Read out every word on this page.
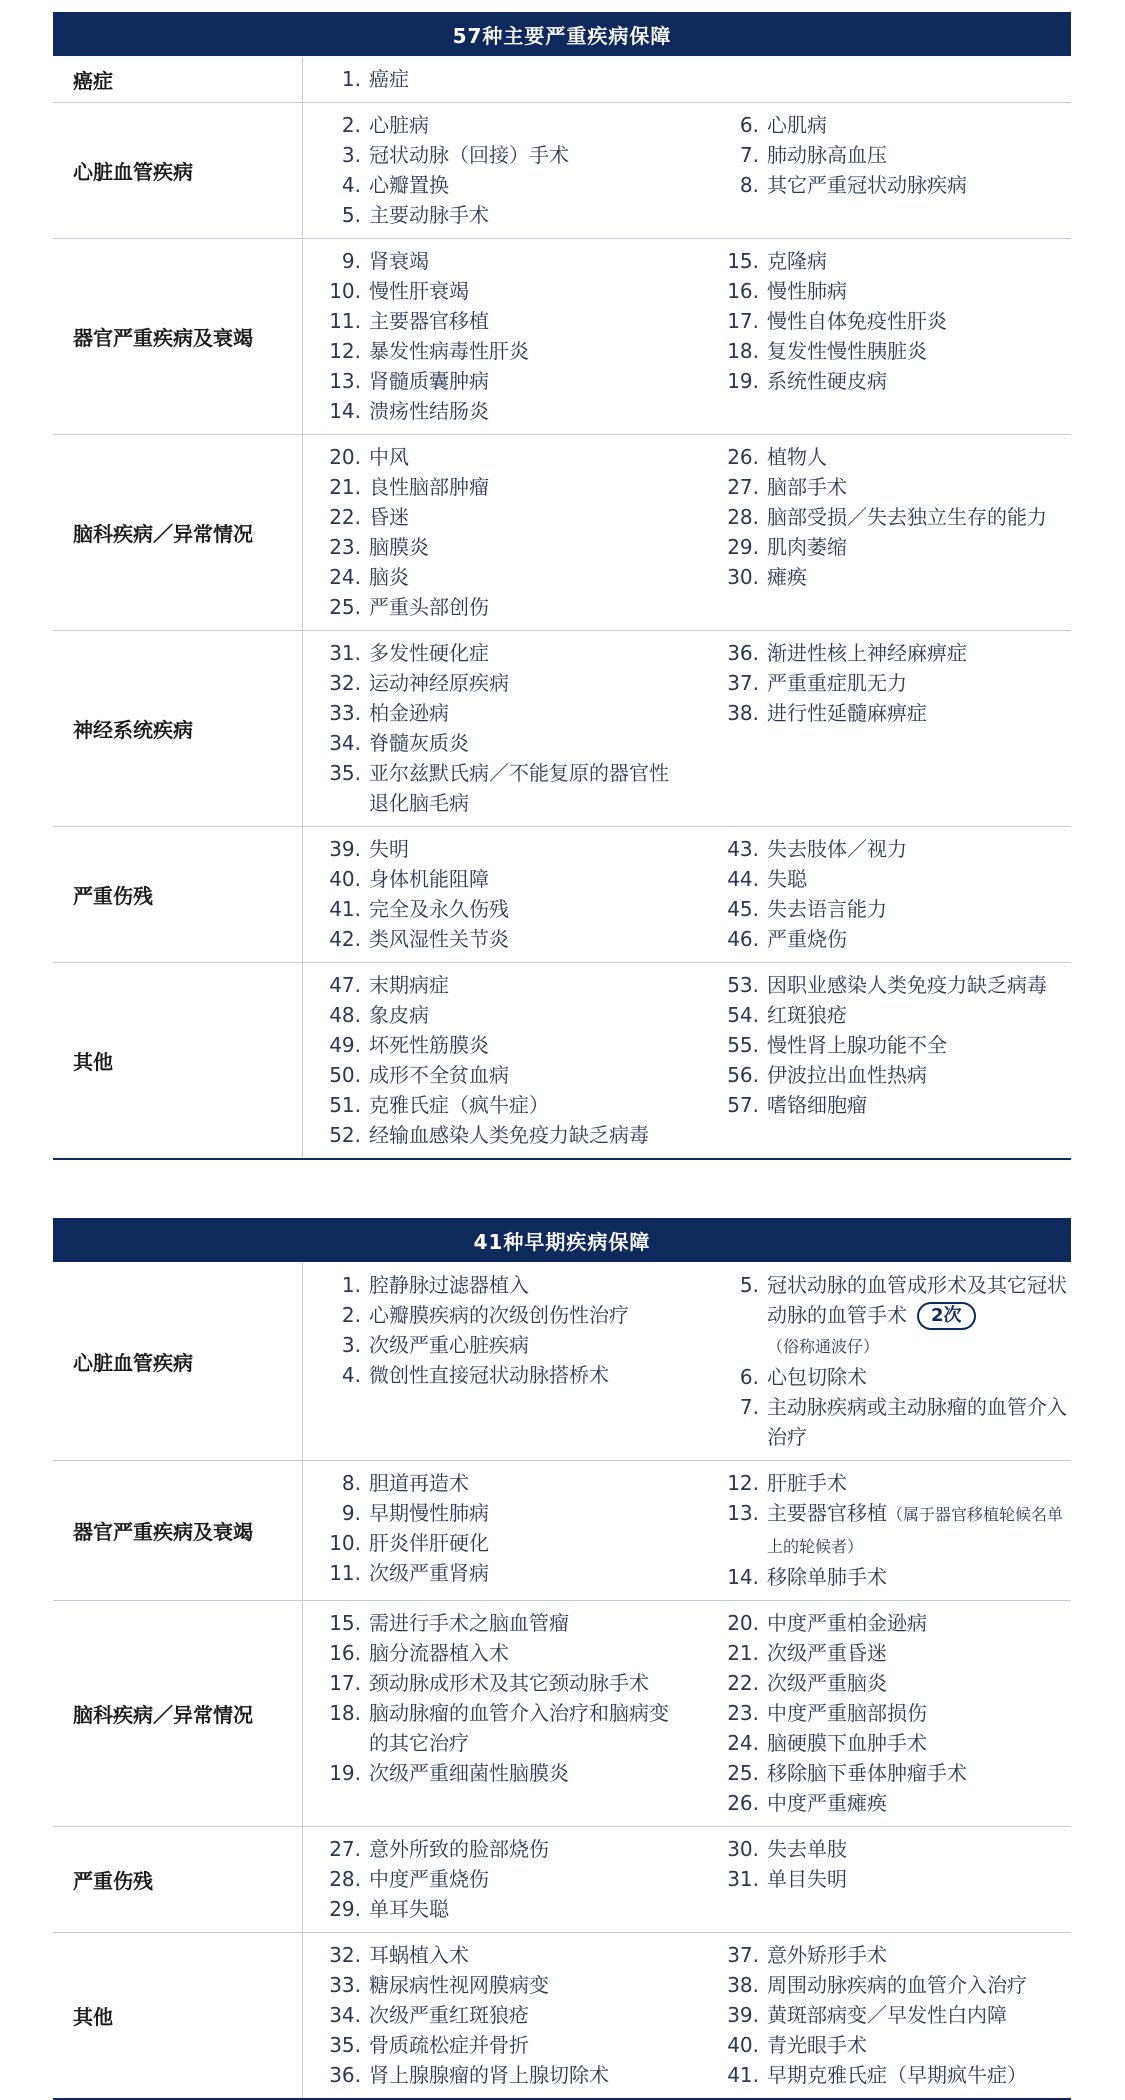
57种主要严重疾病保障
癌症	1. 癌症
心脏血管疾病
2. 心脏病
3. 冠状动脉（回接）手术
4. 心瓣置换
5. 主要动脉手术
6. 心肌病
7. 肺动脉高血压
8. 其它严重冠状动脉疾病
器官严重疾病及衰竭
9. 肾衰竭
10. 慢性肝衰竭
11. 主要器官移植
12. 暴发性病毒性肝炎
13. 肾髓质囊肿病
14. 溃疡性结肠炎
15. 克隆病
16. 慢性肺病
17. 慢性自体免疫性肝炎
18. 复发性慢性胰脏炎
19. 系统性硬皮病
脑科疾病／异常情况
20. 中风
21. 良性脑部肿瘤
22. 昏迷
23. 脑膜炎
24. 脑炎
25. 严重头部创伤
26. 植物人
27. 脑部手术
28. 脑部受损／失去独立生存的能力
29. 肌肉萎缩
30. 瘫痪
神经系统疾病
31. 多发性硬化症
32. 运动神经原疾病
33. 柏金逊病
34. 脊髓灰质炎
35. 亚尔兹默氏病／不能复原的器官性退化脑毛病
36. 渐进性核上神经麻痹症
37. 严重重症肌无力
38. 进行性延髓麻痹症
严重伤残
39. 失明
40. 身体机能阻障
41. 完全及永久伤残
42. 类风湿性关节炎
43. 失去肢体／视力
44. 失聪
45. 失去语言能力
46. 严重烧伤
其他
47. 末期病症
48. 象皮病
49. 坏死性筋膜炎
50. 成形不全贫血病
51. 克雅氏症（疯牛症）
52. 经输血感染人类免疫力缺乏病毒
53. 因职业感染人类免疫力缺乏病毒
54. 红斑狼疮
55. 慢性肾上腺功能不全
56. 伊波拉出血性热病
57. 嗜铬细胞瘤
41种早期疾病保障
心脏血管疾病
1. 腔静脉过滤器植入
2. 心瓣膜疾病的次级创伤性治疗
3. 次级严重心脏疾病
4. 微创性直接冠状动脉搭桥术
5. 冠状动脉的血管成形术及其它冠状动脉的血管手术 2次
（俗称通波仔）
6. 心包切除术
7. 主动脉疾病或主动脉瘤的血管介入治疗
器官严重疾病及衰竭
8. 胆道再造术
9. 早期慢性肺病
10. 肝炎伴肝硬化
11. 次级严重肾病
12. 肝脏手术
13. 主要器官移植（属于器官移植轮候名单上的轮候者）
14. 移除单肺手术
脑科疾病／异常情况
15. 需进行手术之脑血管瘤
16. 脑分流器植入术
17. 颈动脉成形术及其它颈动脉手术
18. 脑动脉瘤的血管介入治疗和脑病变的其它治疗
19. 次级严重细菌性脑膜炎
20. 中度严重柏金逊病
21. 次级严重昏迷
22. 次级严重脑炎
23. 中度严重脑部损伤
24. 脑硬膜下血肿手术
25. 移除脑下垂体肿瘤手术
26. 中度严重瘫痪
严重伤残
27. 意外所致的脸部烧伤
28. 中度严重烧伤
29. 单耳失聪
30. 失去单肢
31. 单目失明
其他
32. 耳蜗植入术
33. 糖尿病性视网膜病变
34. 次级严重红斑狼疮
35. 骨质疏松症并骨折
36. 肾上腺腺瘤的肾上腺切除术
37. 意外矫形手术
38. 周围动脉疾病的血管介入治疗
39. 黄斑部病变／早发性白内障
40. 青光眼手术
41. 早期克雅氏症（早期疯牛症）
